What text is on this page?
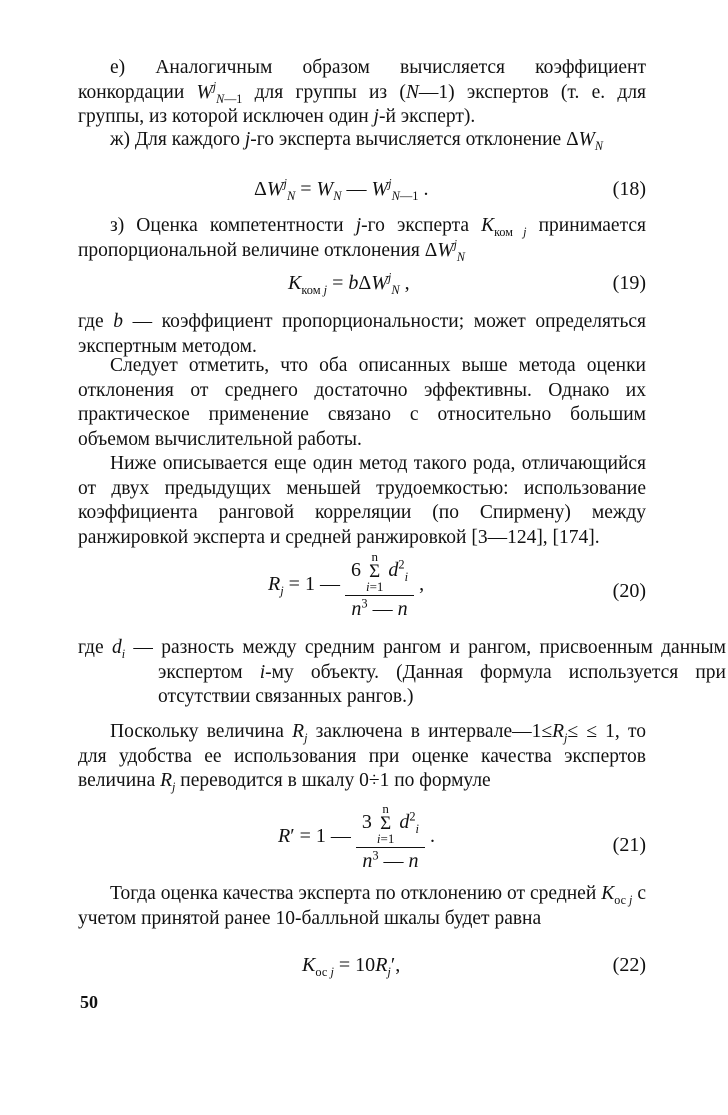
е) Аналогичным образом вычисляется коэффициент конкордации $W^j_{N—1}$ для группы из (N—1) экспертов (т. е. для группы, из которой исключен один j-й эксперт).

ж) Для каждого j-го эксперта вычисляется отклонение $\Delta W_N$

$\Delta W^j_N = W_N$ — $W^j_{N—1}$ .	(18)

з) Оценка компетентности j-го эксперта $K_{ком j}$ принимается пропорциональной величине отклонения $\Delta W^j_N$

$K_{ком j} = b\Delta W^j_N$ ,	(19)

где b — коэффициент пропорциональности; может определяться экспертным методом.

Следует отметить, что оба описанных выше метода оценки отклонения от среднего достаточно эффективны. Однако их практическое применение связано с относительно большим объемом вычислительной работы.

Ниже описывается еще один метод такого рода, отличающийся от двух предыдущих меньшей трудоемкостью: использование коэффициента ранговой корреляции (по Спирмену) между ранжировкой эксперта и средней ранжировкой [3—124], [174].

$R_j = 1$ — 6 n
Σ
i=1 $d^2_i$
$n^3$ — n ,	(20)

где $d_i$ — разность между средним рангом и рангом, присвоенным данным экспертом i-му объекту. (Данная формула используется при отсутствии связанных рангов.)

Поскольку величина $R_j$ заключена в $интервале—1\le R_j\le \le 1$, то для удобства ее использования при оценке качества экспертов величина $R_j$ переводится в шкалу 0÷1 по формуле

R′ = 1 — 3 n
Σ
i=1 $d^2_i$
$n^3$ — n .	(21)

Тогда оценка качества эксперта по отклонению от средней $K_{ос j}$ с учетом принятой ранее 10-балльной шкалы будет равна

$K_{ос j} = 10R_j'$,	(22)
50
